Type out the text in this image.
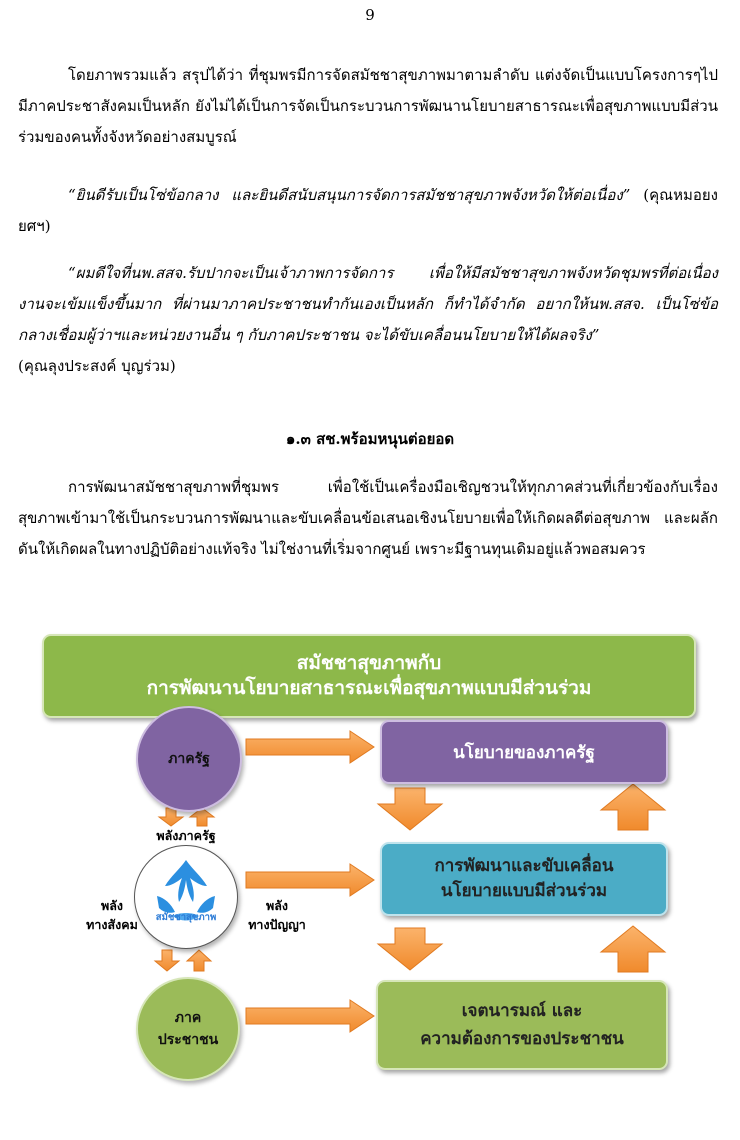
9

โดยภาพรวมแล้ว สรุปได้ว่า ที่ชุมพรมีการจัดสมัชชาสุขภาพมาตามลำดับ แต่งจัดเป็นแบบโครงการๆไป มีภาคประชาสังคมเป็นหลัก ยังไม่ได้เป็นการจัดเป็นกระบวนการพัฒนานโยบายสาธารณะเพื่อสุขภาพแบบมีส่วนร่วมของคนทั้งจังหวัดอย่างสมบูรณ์

“ยินดีรับเป็นโซ่ข้อกลาง และยินดีสนับสนุนการจัดการสมัชชาสุขภาพจังหวัดให้ต่อเนื่อง” (คุณหมอยงยศฯ)

“ผมดีใจที่นพ.สสจ.รับปากจะเป็นเจ้าภาพการจัดการ เพื่อให้มีสมัชชาสุขภาพจังหวัดชุมพรที่ต่อเนื่อง งานจะเข้มแข็งขึ้นมาก ที่ผ่านมาภาคประชาชนทำกันเองเป็นหลัก ก็ทำได้จำกัด อยากให้นพ.สสจ. เป็นโซ่ข้อกลางเชื่อมผู้ว่าฯและหน่วยงานอื่น ๆ กับภาคประชาชน จะได้ขับเคลื่อนนโยบายให้ได้ผลจริง”

(คุณลุงประสงค์ บุญร่วม)

๑.๓ สช.พร้อมหนุนต่อยอด

การพัฒนาสมัชชาสุขภาพที่ชุมพร เพื่อใช้เป็นเครื่องมือเชิญชวนให้ทุกภาคส่วนที่เกี่ยวข้องกับเรื่องสุขภาพเข้ามาใช้เป็นกระบวนการพัฒนาและขับเคลื่อนข้อเสนอเชิงนโยบายเพื่อให้เกิดผลดีต่อสุขภาพ และผลักดันให้เกิดผลในทางปฏิบัติอย่างแท้จริง ไม่ใช่งานที่เริ่มจากศูนย์ เพราะมีฐานทุนเดิมอยู่แล้วพอสมควร

สมัชชาสุขภาพกับ
การพัฒนานโยบายสาธารณะเพื่อสุขภาพแบบมีส่วนร่วม
ภาครัฐ
พลังภาครัฐ
สมัชชาสุขภาพ
พลัง
ทางสังคม
พลัง
ทางปัญญา
ภาค
ประชาชน
นโยบายของภาครัฐ
การพัฒนาและขับเคลื่อน
นโยบายแบบมีส่วนร่วม
เจตนารมณ์ และ
ความต้องการของประชาชน
